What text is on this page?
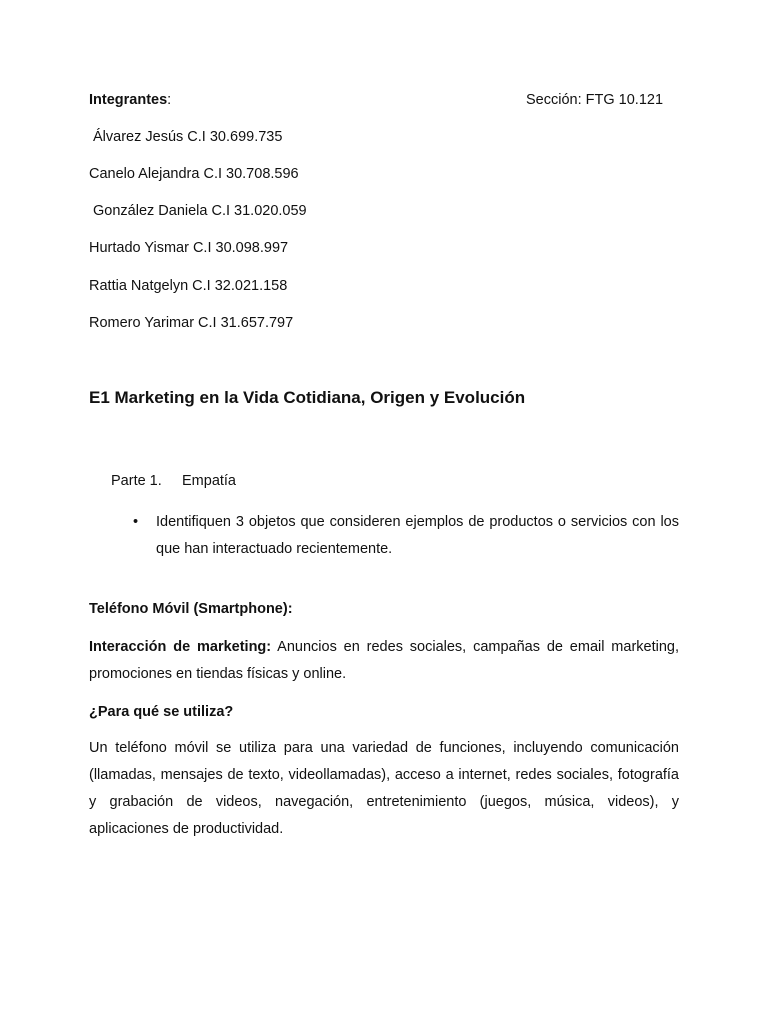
Integrantes:	Sección: FTG 10.121
Álvarez Jesús C.I 30.699.735
Canelo Alejandra C.I 30.708.596
González Daniela C.I 31.020.059
Hurtado Yismar C.I 30.098.997
Rattia Natgelyn C.I 32.021.158
Romero Yarimar C.I 31.657.797
E1 Marketing en la Vida Cotidiana, Origen y Evolución
Parte 1. Empatía
•	Identifiquen 3 objetos que consideren ejemplos de productos o servicios con los que han interactuado recientemente.
Teléfono Móvil (Smartphone):
Interacción de marketing: Anuncios en redes sociales, campañas de email marketing, promociones en tiendas físicas y online.
¿Para qué se utiliza?
Un teléfono móvil se utiliza para una variedad de funciones, incluyendo comunicación (llamadas, mensajes de texto, videollamadas), acceso a internet, redes sociales, fotografía y grabación de videos, navegación, entretenimiento (juegos, música, videos), y aplicaciones de productividad.
